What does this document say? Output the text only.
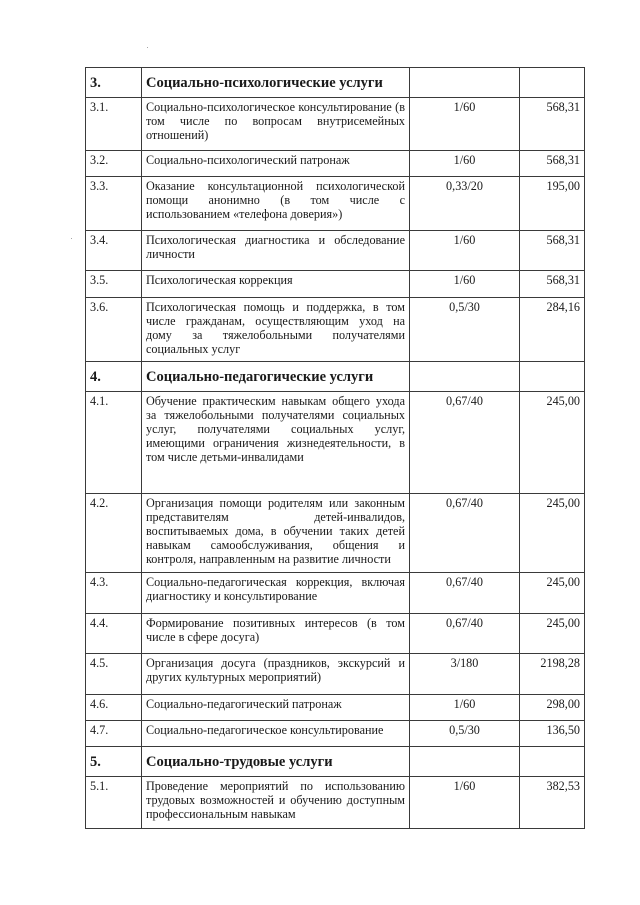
·
·
3.	Социально-психологические услуги		
3.1.	Социально-психологическое консультирование (в том числе по вопросам внутрисемейных отношений)	1/60	568,31
3.2.	Социально-психологический патронаж	1/60	568,31
3.3.	Оказание консультационной психологической помощи анонимно (в том числе с использованием «телефона доверия»)	0,33/20	195,00
3.4.	Психологическая диагностика и обследование личности	1/60	568,31
3.5.	Психологическая коррекция	1/60	568,31
3.6.	Психологическая помощь и поддержка, в том числе гражданам, осуществляющим уход на дому за тяжелобольными получателями социальных услуг	0,5/30	284,16
4.	Социально-педагогические услуги		
4.1.	Обучение практическим навыкам общего ухода за тяжелобольными получателями социальных услуг, получателями социальных услуг, имеющими ограничения жизнедеятельности, в том числе детьми-инвалидами	0,67/40	245,00
4.2.	Организация помощи родителям или законным представителям детей-инвалидов, воспитываемых дома, в обучении таких детей навыкам самообслуживания, общения и контроля, направленным на развитие личности	0,67/40	245,00
4.3.	Социально-педагогическая коррекция, включая диагностику и консультирование	0,67/40	245,00
4.4.	Формирование позитивных интересов (в том числе в сфере досуга)	0,67/40	245,00
4.5.	Организация досуга (праздников, экскурсий и других культурных мероприятий)	3/180	2198,28
4.6.	Социально-педагогический патронаж	1/60	298,00
4.7.	Социально-педагогическое консультирование	0,5/30	136,50
5.	Социально-трудовые услуги		
5.1.	Проведение мероприятий по использованию трудовых возможностей и обучению доступным профессиональным навыкам	1/60	382,53
